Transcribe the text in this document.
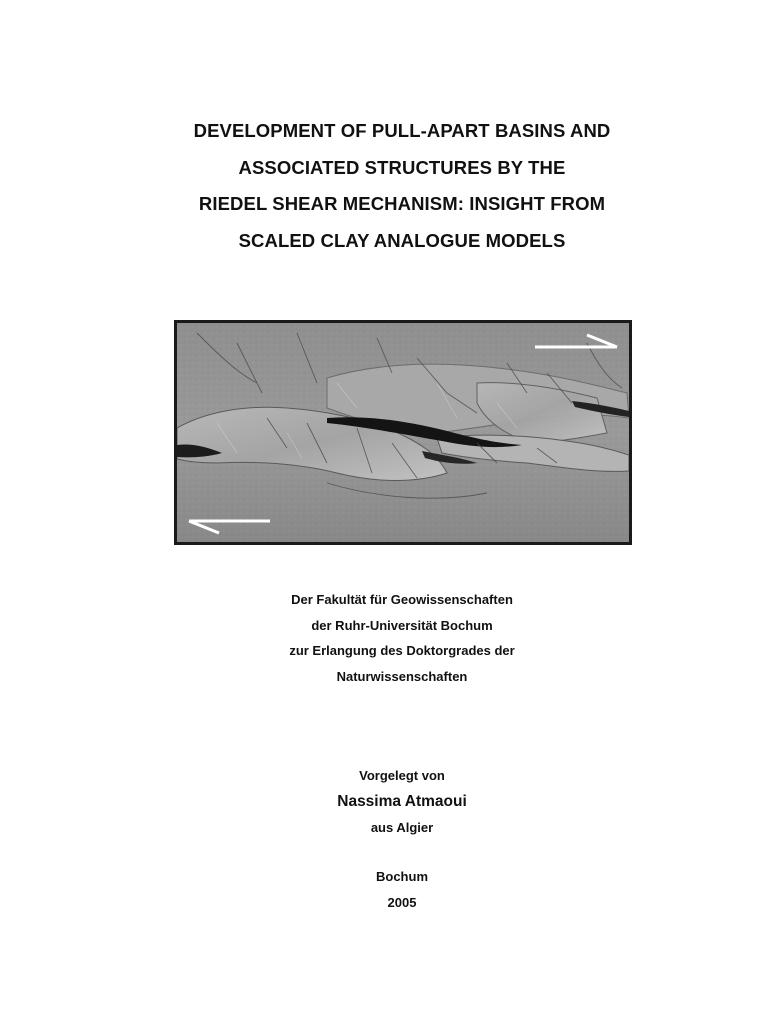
DEVELOPMENT OF PULL-APART BASINS AND
ASSOCIATED STRUCTURES BY THE
RIEDEL SHEAR MECHANISM: INSIGHT FROM
SCALED CLAY ANALOGUE MODELS
Der Fakultät für Geowissenschaften
der Ruhr-Universität Bochum
zur Erlangung des Doktorgrades der
Naturwissenschaften
Vorgelegt von
Nassima Atmaoui
aus Algier
Bochum
2005
